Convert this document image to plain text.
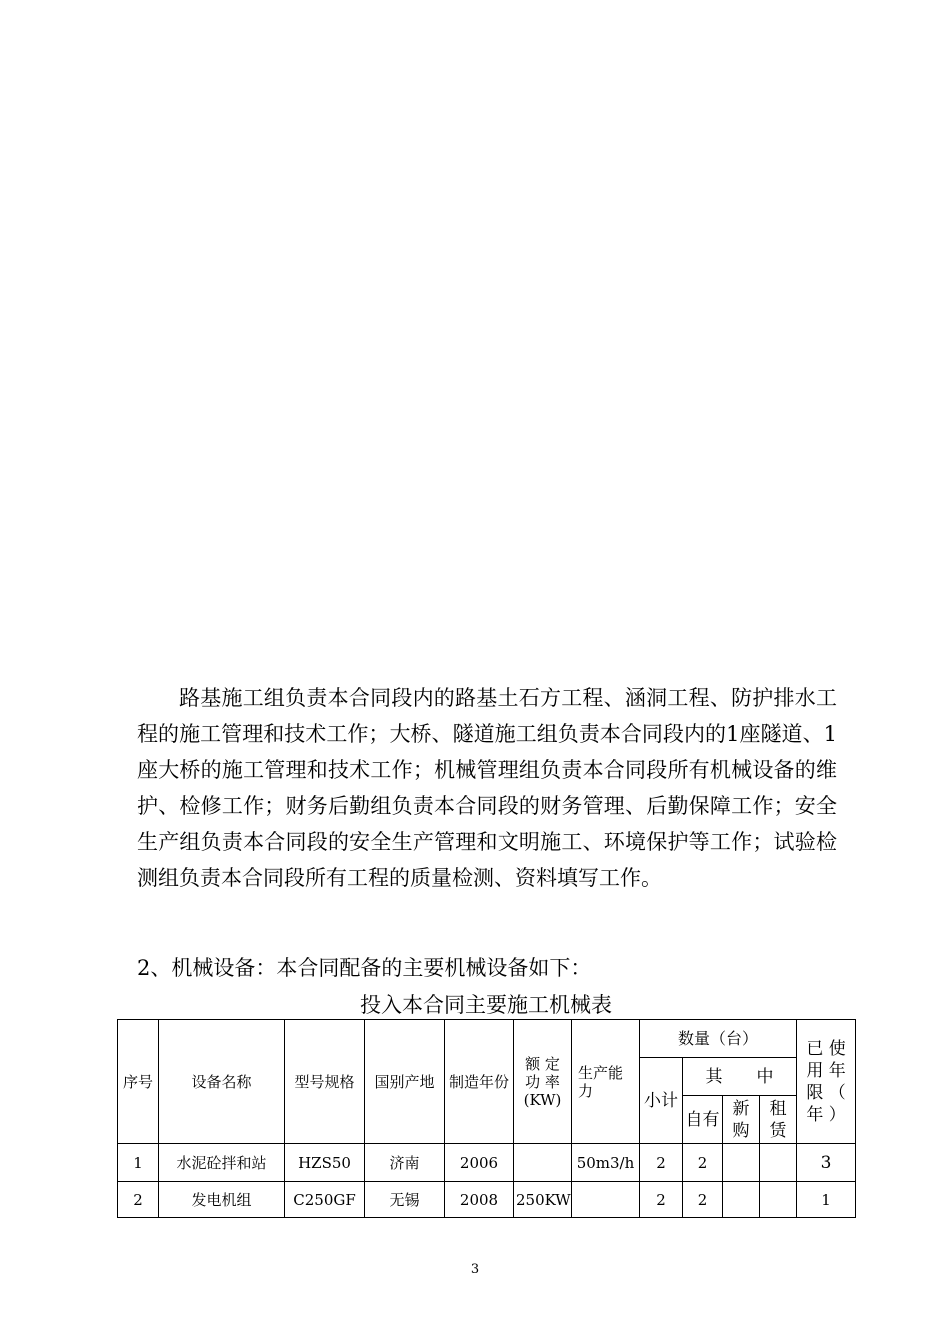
路基施工组负责本合同段内的路基土石方工程、涵洞工程、防护排水工程的施工管理和技术工作；大桥、隧道施工组负责本合同段内的1座隧道、1座大桥的施工管理和技术工作；机械管理组负责本合同段所有机械设备的维护、检修工作；财务后勤组负责本合同段的财务管理、后勤保障工作；安全生产组负责本合同段的安全生产管理和文明施工、环境保护等工作；试验检测组负责本合同段所有工程的质量检测、资料填写工作。

2、机械设备：本合同配备的主要机械设备如下：

投入本合同主要施工机械表

序号	设备名称	型号规格	国别产地	制造年份	额 定 功 率 (KW)	生产能力	数量（台）				已 使 用 年 限 （ 年 ）
							小计	其　　中			
								自有	新购	租赁	
1	水泥砼拌和站	HZS50	济南	2006		50m3/h	2	2			3
2	发电机组	C250GF	无锡	2008	250KW		2	2			1
3
